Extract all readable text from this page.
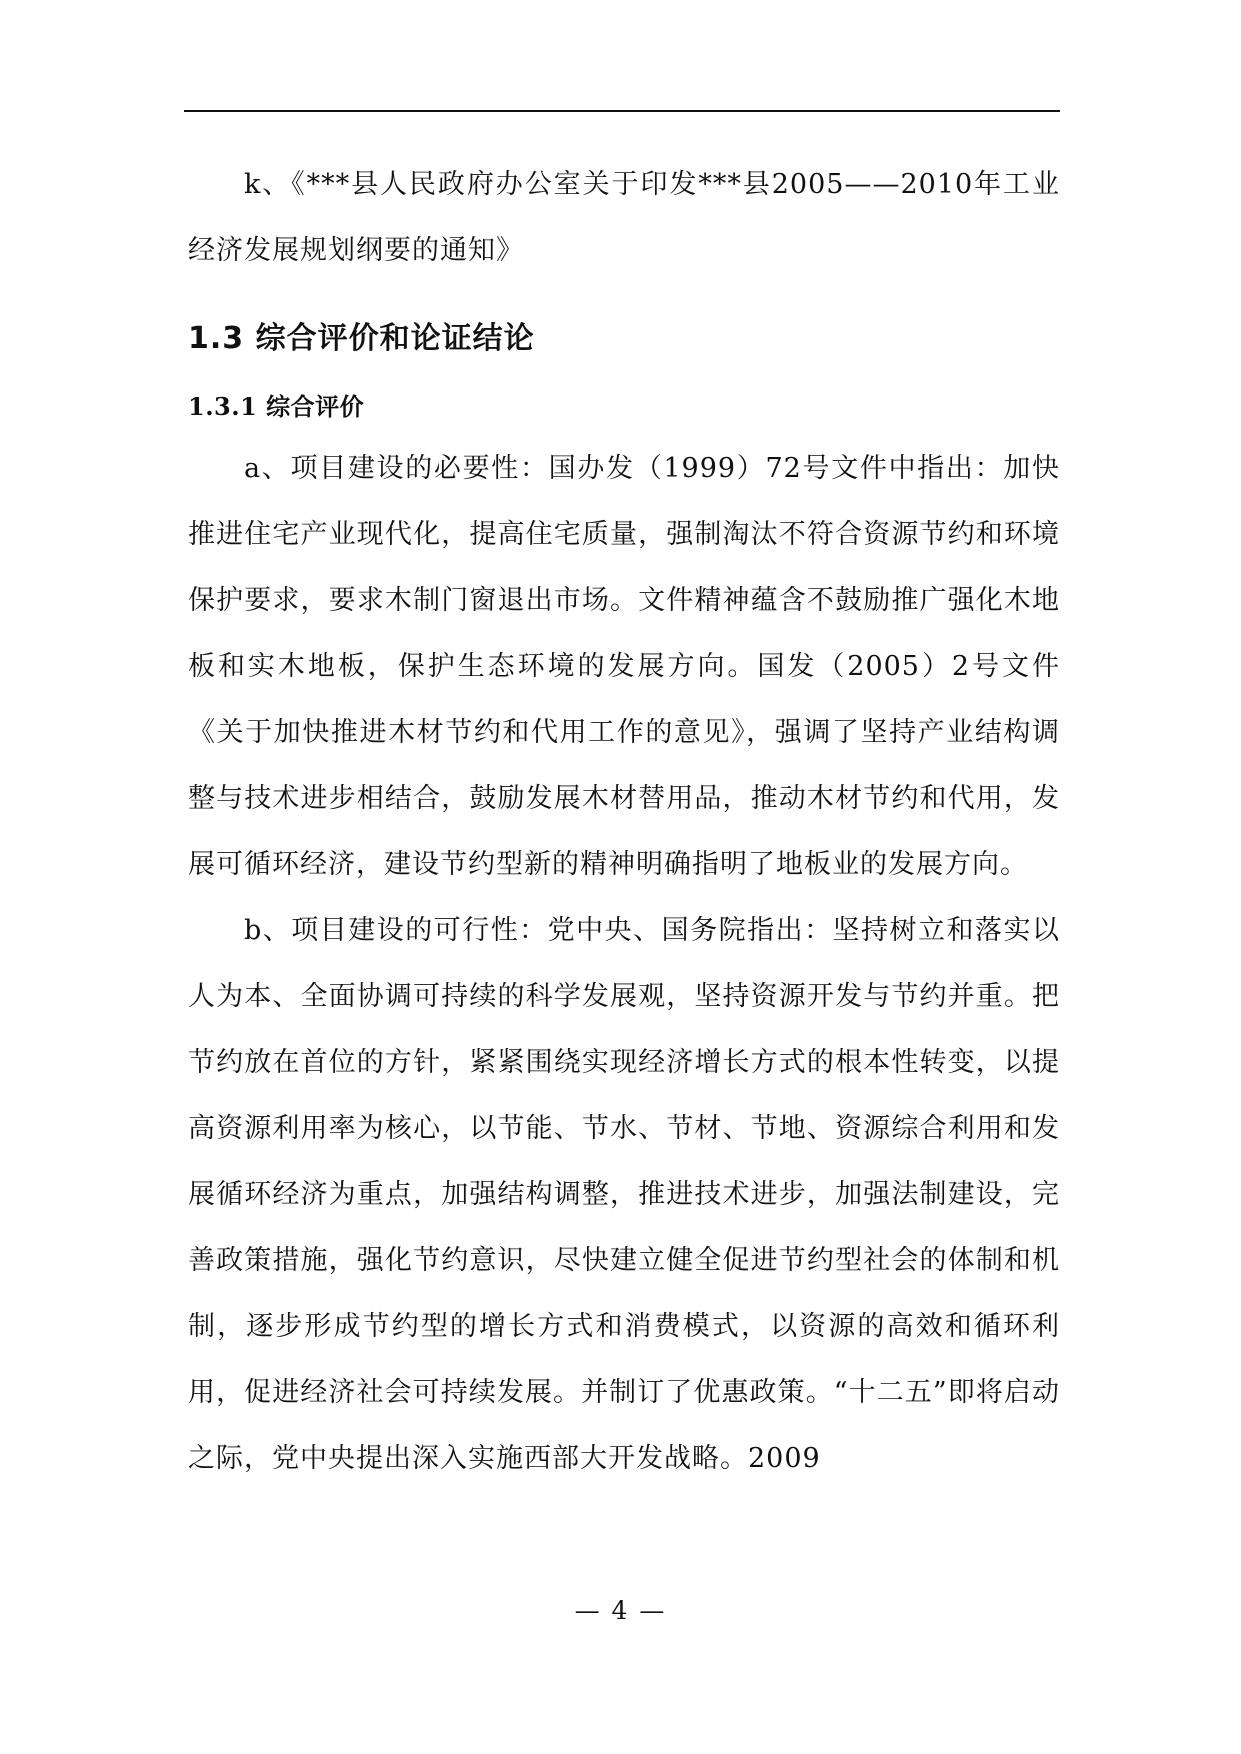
k、《***县人民政府办公室关于印发***县2005——2010年工业经济发展规划纲要的通知》

1.3 综合评价和论证结论
1.3.1 综合评价

a、项目建设的必要性：国办发（1999）72号文件中指出：加快推进住宅产业现代化，提高住宅质量，强制淘汰不符合资源节约和环境保护要求，要求木制门窗退出市场。文件精神蕴含不鼓励推广强化木地板和实木地板，保护生态环境的发展方向。国发（2005）2号文件《关于加快推进木材节约和代用工作的意见》，强调了坚持产业结构调整与技术进步相结合，鼓励发展木材替用品，推动木材节约和代用，发展可循环经济，建设节约型新的精神明确指明了地板业的发展方向。

b、项目建设的可行性：党中央、国务院指出：坚持树立和落实以人为本、全面协调可持续的科学发展观，坚持资源开发与节约并重。把节约放在首位的方针，紧紧围绕实现经济增长方式的根本性转变，以提高资源利用率为核心，以节能、节水、节材、节地、资源综合利用和发展循环经济为重点，加强结构调整，推进技术进步，加强法制建设，完善政策措施，强化节约意识，尽快建立健全促进节约型社会的体制和机制，逐步形成节约型的增长方式和消费模式，以资源的高效和循环利用，促进经济社会可持续发展。并制订了优惠政策。“十二五”即将启动之际，党中央提出深入实施西部大开发战略。2009

— 4 —
